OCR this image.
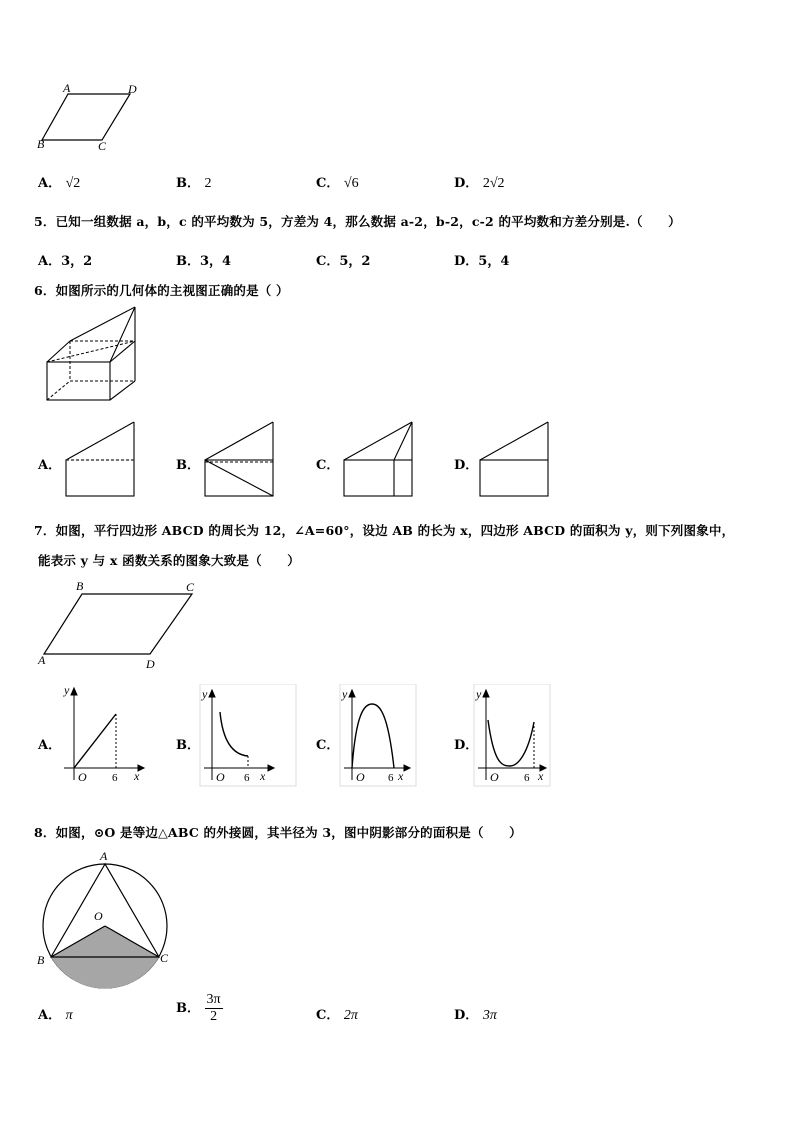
A	D
B	C
A． √2	B． 2	C． √6	D． 2√2
5．已知一组数据 a，b，c 的平均数为 5，方差为 4，那么数据 a-2，b-2，c-2 的平均数和方差分别是.（　　）
A．3，2	B．3，4	C．5，2	D．5，4
6．如图所示的几何体的主视图正确的是（ ）
A．	B．	C．	D．
7．如图，平行四边形 ABCD 的周长为 12，∠A=60°，设边 AB 的长为 x，四边形 ABCD 的面积为 y，则下列图象中，
能表示 y 与 x 函数关系的图象大致是（　　）
B	C
A	D
A．
y
O 6 x
B．
y
O 6 x
C．
y
O 6 x
D．
y
O 6 x
8．如图，⊙O 是等边△ABC 的外接圆，其半径为 3，图中阴影部分的面积是（　　）
A
B	C
O
A． π	B． $\frac{3\pi}{2}$	C． 2π	D． 3π
